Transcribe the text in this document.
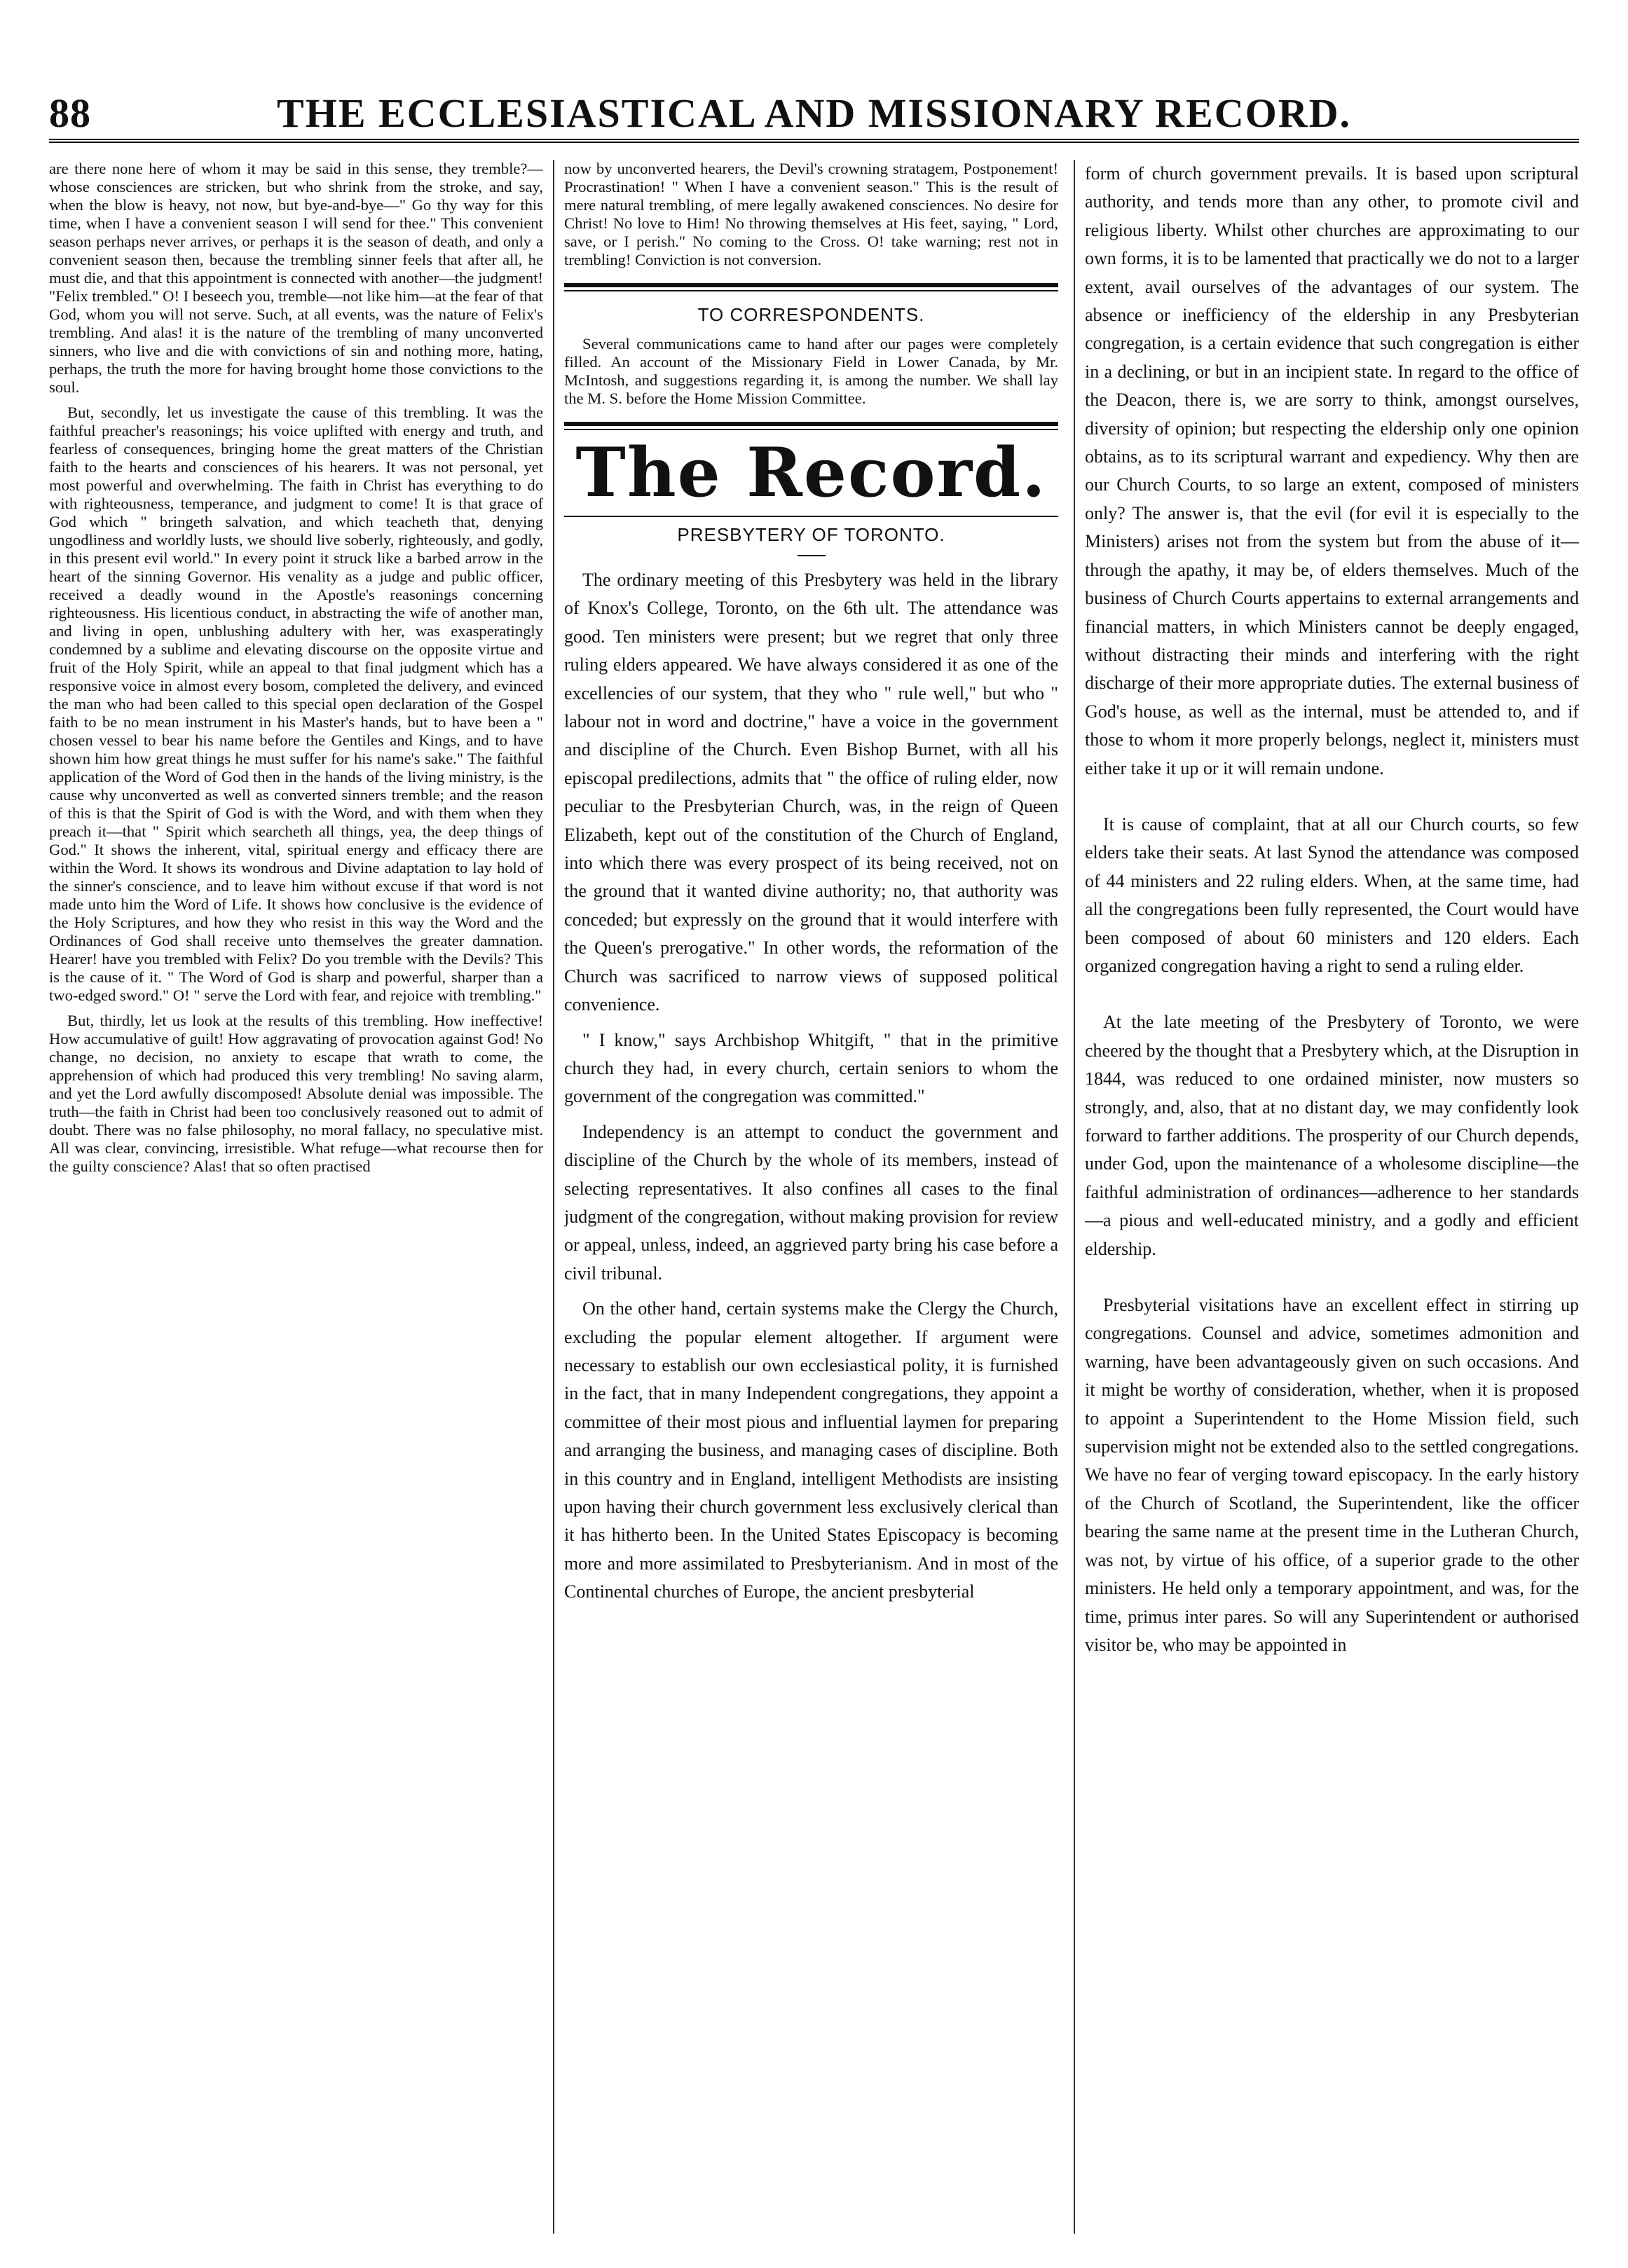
88	THE ECCLESIASTICAL AND MISSIONARY RECORD.

are there none here of whom it may be said in this sense, they tremble?—whose consciences are stricken, but who shrink from the stroke, and say, when the blow is heavy, not now, but bye-and-bye—" Go thy way for this time, when I have a convenient season I will send for thee." This convenient season perhaps never arrives, or perhaps it is the season of death, and only a convenient season then, because the trembling sinner feels that after all, he must die, and that this appointment is connected with another—the judgment! "Felix trembled." O! I beseech you, tremble—not like him—at the fear of that God, whom you will not serve. Such, at all events, was the nature of Felix's trembling. And alas! it is the nature of the trembling of many unconverted sinners, who live and die with convictions of sin and nothing more, hating, perhaps, the truth the more for having brought home those convictions to the soul.

But, secondly, let us investigate the cause of this trembling. It was the faithful preacher's reasonings; his voice uplifted with energy and truth, and fearless of consequences, bringing home the great matters of the Christian faith to the hearts and consciences of his hearers. It was not personal, yet most powerful and overwhelming. The faith in Christ has everything to do with righteousness, temperance, and judgment to come! It is that grace of God which " bringeth salvation, and which teacheth that, denying ungodliness and worldly lusts, we should live soberly, righteously, and godly, in this present evil world." In every point it struck like a barbed arrow in the heart of the sinning Governor. His venality as a judge and public officer, received a deadly wound in the Apostle's reasonings concerning righteousness. His licentious conduct, in abstracting the wife of another man, and living in open, unblushing adultery with her, was exasperatingly condemned by a sublime and elevating discourse on the opposite virtue and fruit of the Holy Spirit, while an appeal to that final judgment which has a responsive voice in almost every bosom, completed the delivery, and evinced the man who had been called to this special open declaration of the Gospel faith to be no mean instrument in his Master's hands, but to have been a " chosen vessel to bear his name before the Gentiles and Kings, and to have shown him how great things he must suffer for his name's sake." The faithful application of the Word of God then in the hands of the living ministry, is the cause why unconverted as well as converted sinners tremble; and the reason of this is that the Spirit of God is with the Word, and with them when they preach it—that " Spirit which searcheth all things, yea, the deep things of God." It shows the inherent, vital, spiritual energy and efficacy there are within the Word. It shows its wondrous and Divine adaptation to lay hold of the sinner's conscience, and to leave him without excuse if that word is not made unto him the Word of Life. It shows how conclusive is the evidence of the Holy Scriptures, and how they who resist in this way the Word and the Ordinances of God shall receive unto themselves the greater damnation. Hearer! have you trembled with Felix? Do you tremble with the Devils? This is the cause of it. " The Word of God is sharp and powerful, sharper than a two-edged sword." O! " serve the Lord with fear, and rejoice with trembling."

But, thirdly, let us look at the results of this trembling. How ineffective! How accumulative of guilt! How aggravating of provocation against God! No change, no decision, no anxiety to escape that wrath to come, the apprehension of which had produced this very trembling! No saving alarm, and yet the Lord awfully discomposed! Absolute denial was impossible. The truth—the faith in Christ had been too conclusively reasoned out to admit of doubt. There was no false philosophy, no moral fallacy, no speculative mist. All was clear, convincing, irresistible. What refuge—what recourse then for the guilty conscience? Alas! that so often practised

now by unconverted hearers, the Devil's crowning stratagem, Postponement! Procrastination! " When I have a convenient season." This is the result of mere natural trembling, of mere legally awakened consciences. No desire for Christ! No love to Him! No throwing themselves at His feet, saying, " Lord, save, or I perish." No coming to the Cross. O! take warning; rest not in trembling! Conviction is not conversion.

TO CORRESPONDENTS.

Several communications came to hand after our pages were completely filled. An account of the Missionary Field in Lower Canada, by Mr. McIntosh, and suggestions regarding it, is among the number. We shall lay the M. S. before the Home Mission Committee.

The Record.
PRESBYTERY OF TORONTO.

The ordinary meeting of this Presbytery was held in the library of Knox's College, Toronto, on the 6th ult. The attendance was good. Ten ministers were present; but we regret that only three ruling elders appeared. We have always considered it as one of the excellencies of our system, that they who " rule well," but who " labour not in word and doctrine," have a voice in the government and discipline of the Church. Even Bishop Burnet, with all his episcopal predilections, admits that " the office of ruling elder, now peculiar to the Presbyterian Church, was, in the reign of Queen Elizabeth, kept out of the constitution of the Church of England, into which there was every prospect of its being received, not on the ground that it wanted divine authority; no, that authority was conceded; but expressly on the ground that it would interfere with the Queen's prerogative." In other words, the reformation of the Church was sacrificed to narrow views of supposed political convenience.

" I know," says Archbishop Whitgift, " that in the primitive church they had, in every church, certain seniors to whom the government of the congregation was committed."

Independency is an attempt to conduct the government and discipline of the Church by the whole of its members, instead of selecting representatives. It also confines all cases to the final judgment of the congregation, without making provision for review or appeal, unless, indeed, an aggrieved party bring his case before a civil tribunal.

On the other hand, certain systems make the Clergy the Church, excluding the popular element altogether. If argument were necessary to establish our own ecclesiastical polity, it is furnished in the fact, that in many Independent congregations, they appoint a committee of their most pious and influential laymen for preparing and arranging the business, and managing cases of discipline. Both in this country and in England, intelligent Methodists are insisting upon having their church government less exclusively clerical than it has hitherto been. In the United States Episcopacy is becoming more and more assimilated to Presbyterianism. And in most of the Continental churches of Europe, the ancient presbyterial

form of church government prevails. It is based upon scriptural authority, and tends more than any other, to promote civil and religious liberty. Whilst other churches are approximating to our own forms, it is to be lamented that practically we do not to a larger extent, avail ourselves of the advantages of our system. The absence or inefficiency of the eldership in any Presbyterian congregation, is a certain evidence that such congregation is either in a declining, or but in an incipient state. In regard to the office of the Deacon, there is, we are sorry to think, amongst ourselves, diversity of opinion; but respecting the eldership only one opinion obtains, as to its scriptural warrant and expediency. Why then are our Church Courts, to so large an extent, composed of ministers only? The answer is, that the evil (for evil it is especially to the Ministers) arises not from the system but from the abuse of it—through the apathy, it may be, of elders themselves. Much of the business of Church Courts appertains to external arrangements and financial matters, in which Ministers cannot be deeply engaged, without distracting their minds and interfering with the right discharge of their more appropriate duties. The external business of God's house, as well as the internal, must be attended to, and if those to whom it more properly belongs, neglect it, ministers must either take it up or it will remain undone.

It is cause of complaint, that at all our Church courts, so few elders take their seats. At last Synod the attendance was composed of 44 ministers and 22 ruling elders. When, at the same time, had all the congregations been fully represented, the Court would have been composed of about 60 ministers and 120 elders. Each organized congregation having a right to send a ruling elder.

At the late meeting of the Presbytery of Toronto, we were cheered by the thought that a Presbytery which, at the Disruption in 1844, was reduced to one ordained minister, now musters so strongly, and, also, that at no distant day, we may confidently look forward to farther additions. The prosperity of our Church depends, under God, upon the maintenance of a wholesome discipline—the faithful administration of ordinances—adherence to her standards—a pious and well-educated ministry, and a godly and efficient eldership.

Presbyterial visitations have an excellent effect in stirring up congregations. Counsel and advice, sometimes admonition and warning, have been advantageously given on such occasions. And it might be worthy of consideration, whether, when it is proposed to appoint a Superintendent to the Home Mission field, such supervision might not be extended also to the settled congregations. We have no fear of verging toward episcopacy. In the early history of the Church of Scotland, the Superintendent, like the officer bearing the same name at the present time in the Lutheran Church, was not, by virtue of his office, of a superior grade to the other ministers. He held only a temporary appointment, and was, for the time, primus inter pares. So will any Superintendent or authorised visitor be, who may be appointed in
